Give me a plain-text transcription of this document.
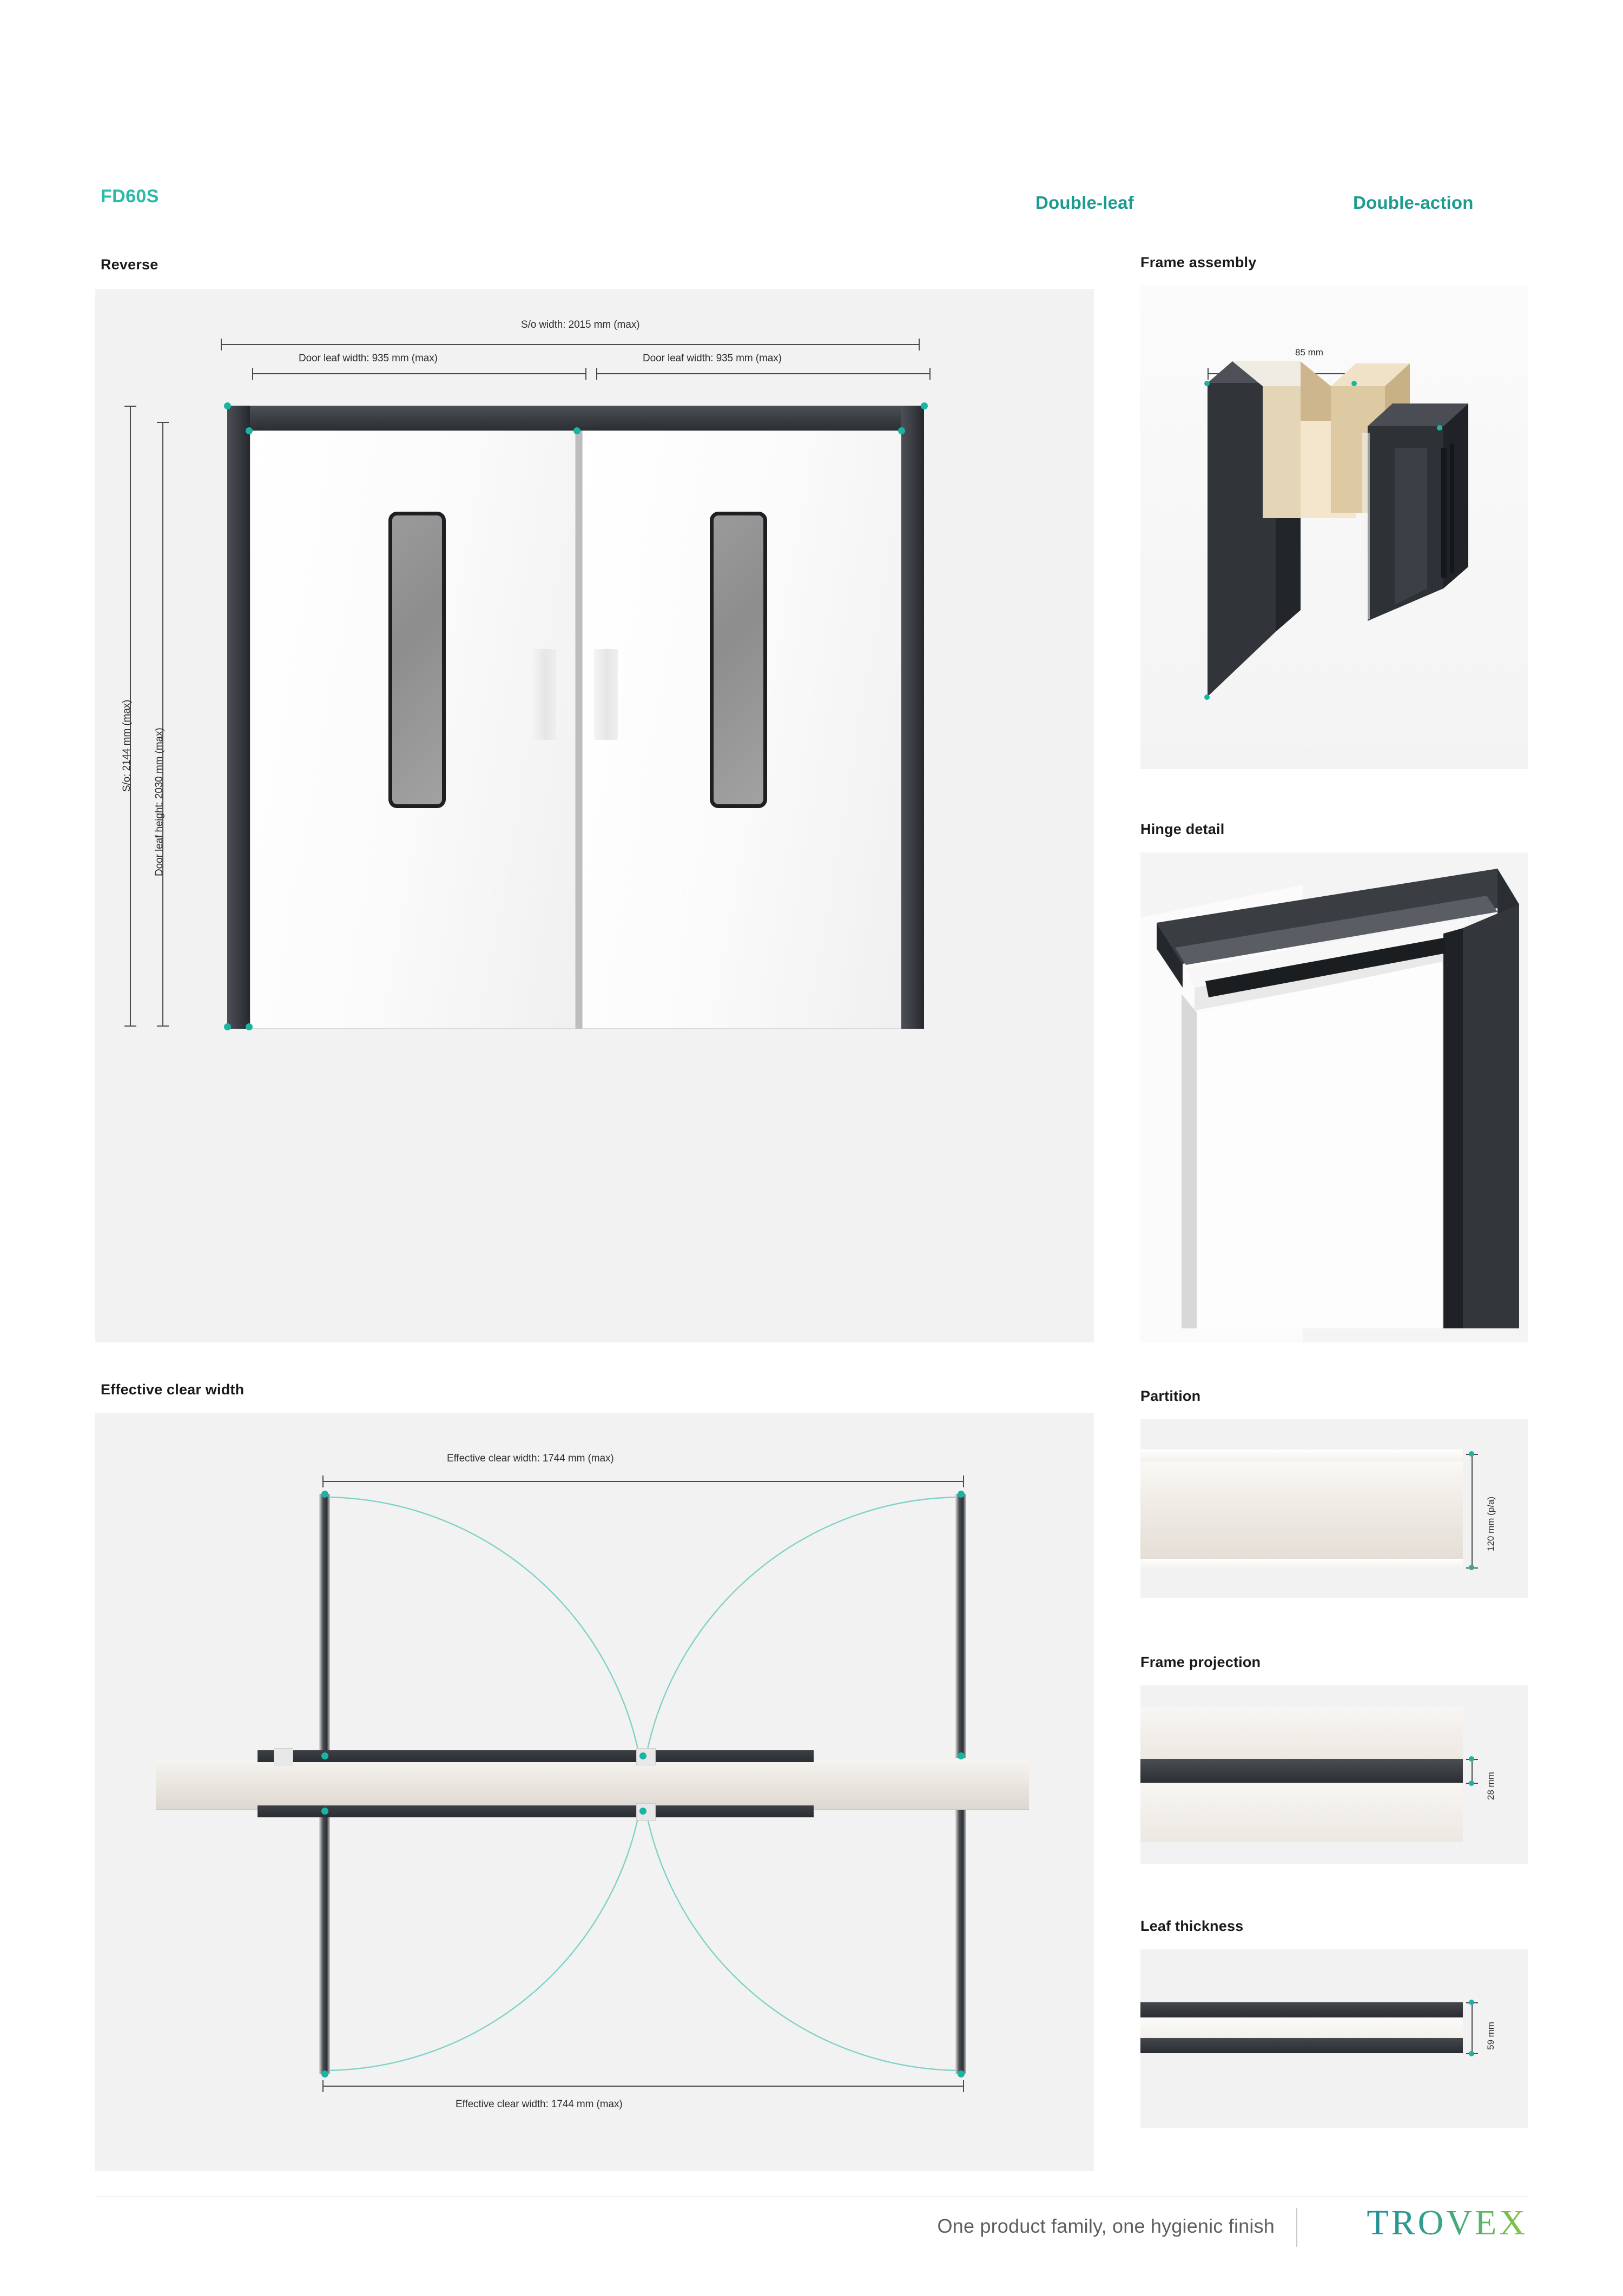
FD60S	Double-leaf	Double-action
Reverse
Effective clear width
Frame assembly
Hinge detail
Partition
Frame projection
Leaf thickness
S/o width: 2015 mm (max)
Door leaf width: 935 mm (max)	Door leaf width: 935 mm (max)
S/o: 2144 mm (max) Door leaf height: 2030 mm (max)
Effective clear width: 1744 mm (max)
Effective clear width: 1744 mm (max)
85 mm
120 mm (p/a)
28 mm
59 mm
One product family, one hygienic finish	TROVEX
